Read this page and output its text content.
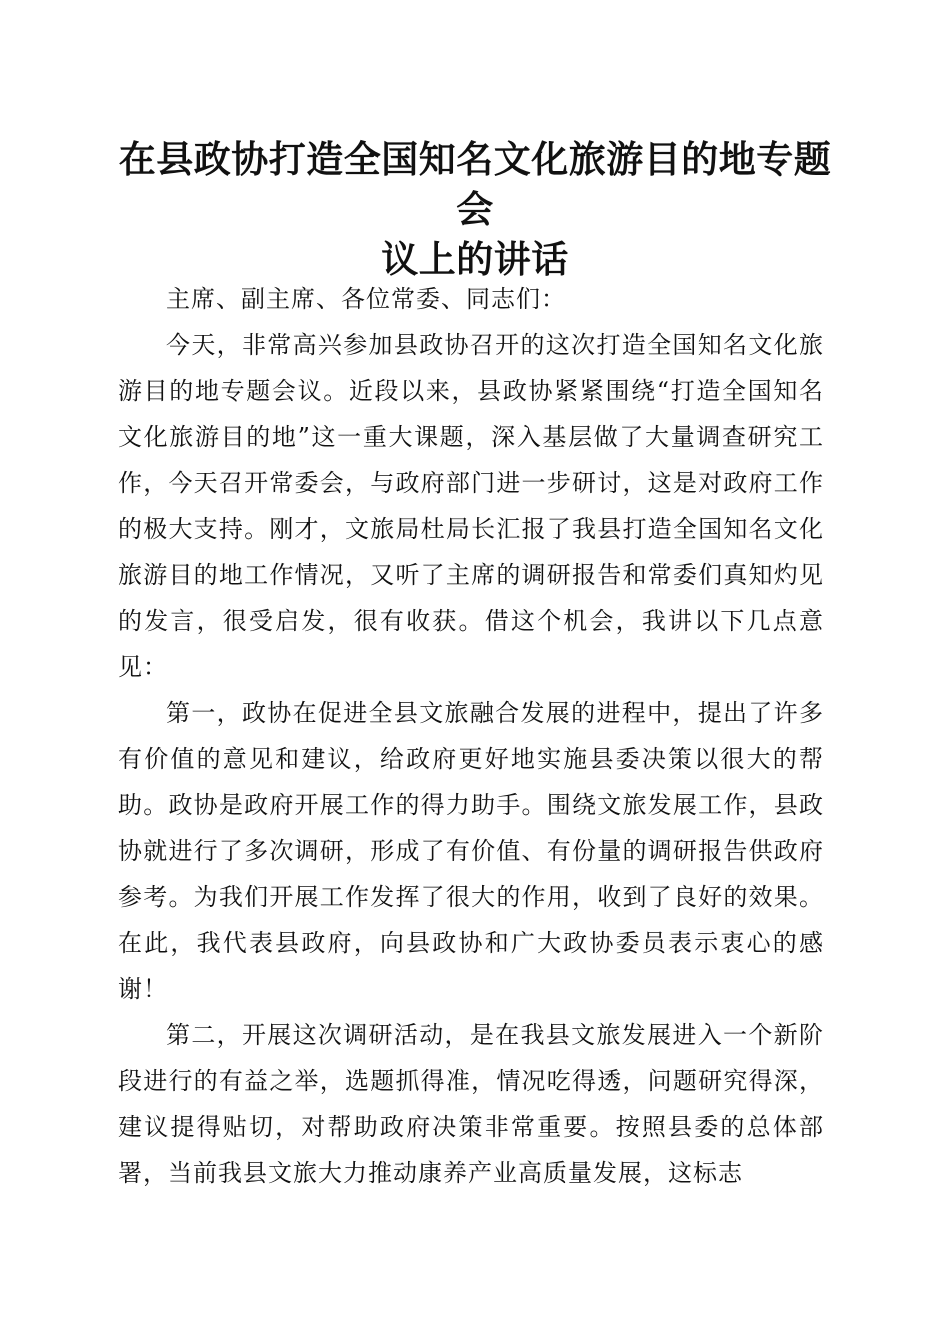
在县政协打造全国知名文化旅游目的地专题会
议上的讲话

主席、副主席、各位常委、同志们：

今天，非常高兴参加县政协召开的这次打造全国知名文化旅游目的地专题会议。近段以来，县政协紧紧围绕“打造全国知名文化旅游目的地”这一重大课题，深入基层做了大量调查研究工作，今天召开常委会，与政府部门进一步研讨，这是对政府工作的极大支持。刚才，文旅局杜局长汇报了我县打造全国知名文化旅游目的地工作情况，又听了主席的调研报告和常委们真知灼见的发言，很受启发，很有收获。借这个机会，我讲以下几点意见：

第一，政协在促进全县文旅融合发展的进程中，提出了许多有价值的意见和建议，给政府更好地实施县委决策以很大的帮助。政协是政府开展工作的得力助手。围绕文旅发展工作，县政协就进行了多次调研，形成了有价值、有份量的调研报告供政府参考。为我们开展工作发挥了很大的作用，收到了良好的效果。在此，我代表县政府，向县政协和广大政协委员表示衷心的感谢！

第二，开展这次调研活动，是在我县文旅发展进入一个新阶段进行的有益之举，选题抓得准，情况吃得透，问题研究得深，建议提得贴切，对帮助政府决策非常重要。按照县委的总体部署，当前我县文旅大力推动康养产业高质量发展，这标志
